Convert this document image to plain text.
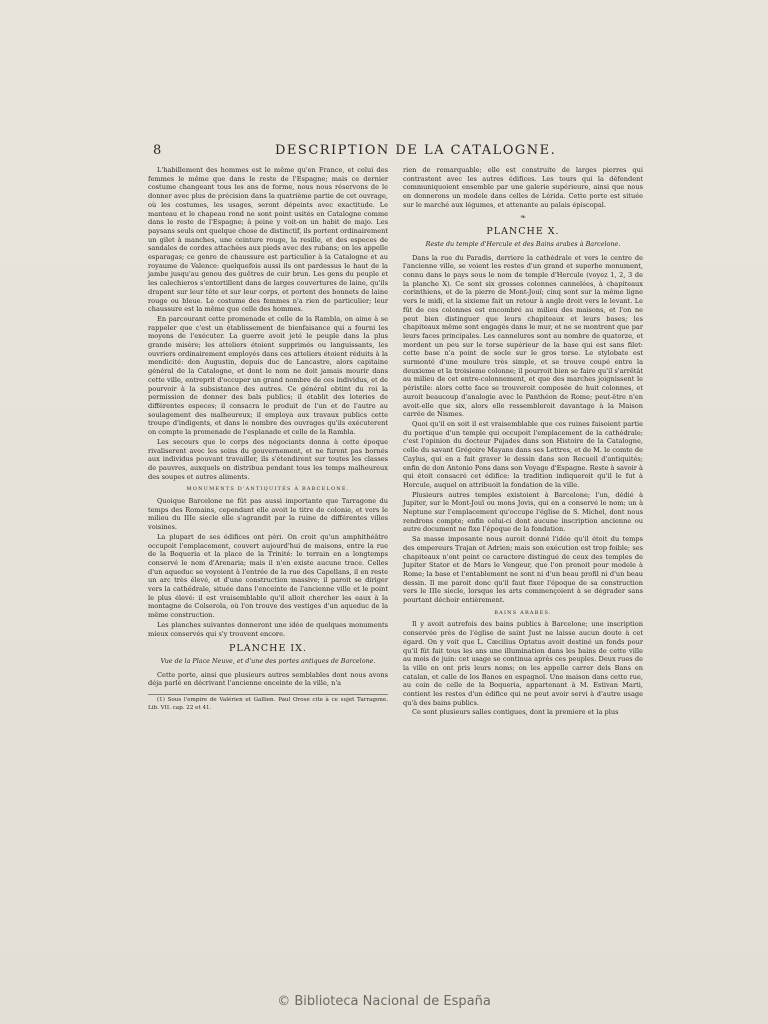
8	DESCRIPTION DE LA CATALOGNE.

L'habillement des hommes est le même qu'en France, et celui des femmes le même que dans le reste de l'Espagne; mais ce dernier costume changeant tous les ans de forme, nous nous réservons de le donner avec plus de précision dans la quatrième partie de cet ouvrage, où les costumes, les usages, seront dépeints avec exactitude. Le manteau et le chapeau rond ne sont point usités en Catalogne comme dans le reste de l'Espagne; à peine y voit-on un habit de majo. Les paysans seuls ont quelque chose de distinctif, ils portent ordinairement un gilet à manches, une ceinture rouge, la resille, et des especes de sandales de cordes attachées aux pieds avec des rubans; on les appelle esparagas; ce genre de chaussure est particulier à la Catalogne et au royaume de Valence: quelquefois aussi ils ont pardessus le haut de la jambe jusqu'au genou des guêtres de cuir brun. Les gens du peuple et les calechieros s'entortillent dans de larges couvertures de laine, qu'ils drapent sur leur tête et sur leur corps, et portent des bonnets de laine rouge ou bleue. Le costume des femmes n'a rien de particulier; leur chaussure est la même que celle des hommes.

En parcourant cette promenade et celle de la Rambla, on aime à se rappeler que c'est un établissement de bienfaisance qui a fourni les moyens de l'exécuter. La guerre avoit jeté le peuple dans la plus grande misère; les atteliers étoient supprimés ou languissants, les ouvriers ordinairement employés dans ces atteliers étoient réduits à la mendicité: don Augustin, depuis duc de Lancastre, alors capitaine général de la Catalogne, et dont le nom ne doit jamais mourir dans cette ville, entreprit d'occuper un grand nombre de ces individus, et de pourvoir à la subsistance des autres. Ce général obtint du roi la permission de donner des bals publics; il établit des loteries de différentes especes; il consacra le produit de l'un et de l'autre au soulagement des malheureux; il employa aux travaux publics cette troupe d'indigents, et dans le nombre des ouvrages qu'ils exécuterent on compte la promenade de l'esplanade et celle de la Rambla.

Les secours que le corps des négociants donna à cette époque rivaliserent avec les soins du gouvernement, et ne furent pas bornés aux individus pouvant travailler, ils s'étendirent sur toutes les classes de pauvres, auxquels on distribua pendant tous les temps malheureux des soupes et autres aliments.

MONUMENTS D'ANTIQUITÉS À BARCELONE.

Quoique Barcelone ne fût pas aussi importante que Tarragone du temps des Romains, cependant elle avoit le titre de colonie, et vers le milieu du IIIe siecle elle s'agrandit par la ruine de différentes villes voisines.

La plupart de ses édifices ont péri. On croit qu'un amphithéâtre occupoit l'emplacement, couvert aujourd'hui de maisons, entre la rue de la Boqueria et la place de la Trinité: le terrain en a longtemps conservé le nom d'Arenaria; mais il n'en existe aucune trace. Celles d'un aqueduc se voyoient à l'entrée de la rue des Capellans, il en reste un arc très élevé, et d'une construction massive; il paroit se diriger vers la cathédrale, située dans l'enceinte de l'ancienne ville et le point le plus élevé: il est vraisemblable qu'il alloit chercher les eaux à la montagne de Colserola, où l'on trouve des vestiges d'un aqueduc de la même construction.

Les planches suivantes donneront une idée de quelques monuments mieux conservés qui s'y trouvent encore.

PLANCHE IX.
Vue de la Place Neuve, et d'une des portes antiques de Barcelone.

Cette porte, ainsi que plusieurs autres semblables dont nous avons déja parlé en décrivant l'ancienne enceinte de la ville, n'a

(1) Sous l'empire de Valérien et Gallien. Paul Orose cite à ce sujet Tarragone. Lib. VII. cap. 22 et 41.

rien de remarquable; elle est construite de larges pierres qui contrastent avec les autres édifices. Les tours qui la défendent communiquoient ensemble par une galerie supérieure, ainsi que nous en donnerons un modele dans celles de Lérida. Cette porte est située sur le marché aux légumes, et attenante au palais épiscopal.

❧
PLANCHE X.
Reste du temple d'Hercule et des Bains arabes à Barcelone.

Dans la rue du Paradis, derriere la cathédrale et vers le centre de l'ancienne ville, se voient les restes d'un grand et superbe monument, connu dans le pays sous le nom de temple d'Hercule (voyez 1, 2, 3 de la planche X). Ce sont six grosses colonnes cannelées, à chapiteaux corinthiens, et de la pierre de Mont-Jouï; cinq sont sur la même ligne vers le midi, et la sixieme fait un retour à angle droit vers le levant. Le fût de ces colonnes est encombré au milieu des maisons, et l'on ne peut bien distinguer que leurs chapiteaux et leurs bases; les chapiteaux même sont engagés dans le mur, et ne se montrent que par leurs faces principales. Les cannelures sont au nombre de quatorze, et mordent un peu sur le torse supérieur de la base qui est sans filet: cette base n'a point de socle sur le gros torse. Le stylobate est surmonté d'une moulure très simple, et se trouve coupé entre la deuxieme et la troisieme colonne; il pourroit bien se faire qu'il s'arrêtât au milieu de cet entre-colonnement, et que des marches joignissent le péristile: alors cette face se trouveroit composée de huit colonnes, et auroit beaucoup d'analogie avec le Panthéon de Rome; peut-être n'en avoit-elle que six, alors elle ressembleroit davantage à la Maison carrée de Nismes.

Quoi qu'il en soit il est vraisemblable que ces ruines faisoient partie du portique d'un temple qui occupoit l'emplacement de la cathédrale; c'est l'opinion du docteur Pujades dans son Histoire de la Catalogne, celle du savant Grégoire Mayans dans ses Lettres, et de M. le comte de Caylus, qui en a fait graver le dessin dans son Recueil d'antiquités; enfin de don Antonio Pons dans son Voyage d'Espagne. Reste à savoir à qui étoit consacré cet édifice: la tradition indiqueroit qu'il le fut à Hercule, auquel on attribuoit la fondation de la ville.

Plusieurs autres temples existoient à Barcelone; l'un, dédié à Jupiter, sur le Mont-Jouï ou mons Jovis, qui en a conservé le nom; un à Neptune sur l'emplacement qu'occupe l'église de S. Michel, dont nous rendrons compte; enfin celui-ci dont aucune inscription ancienne ou autre document ne fixe l'époque de la fondation.

Sa masse imposante nous auroit donné l'idée qu'il étoit du temps des empereurs Trajan et Adrien; mais son exécution est trop foible; ses chapiteaux n'ont point ce caractere distingué de ceux des temples de Jupiter Stator et de Mars le Vengeur, que l'on prenoit pour modele à Rome; la base et l'entablement ne sont ni d'un beau profil ni d'un beau dessin. Il me paroit donc qu'il faut fixer l'époque de sa construction vers le IIIe siecle, lorsque les arts commençoient à se dégrader sans pourtant déchoir entièrement.

BAINS ARABES.

Il y avoit autrefois des bains publics à Barcelone; une inscription conservée près de l'église de saint Just ne laisse aucun doute à cet égard. On y voit que L. Cæcilius Optatus avoit destiné un fonds pour qu'il fût fait tous les ans une illumination dans les bains de cette ville au mois de juin: cet usage se continua après ces peuples. Deux rues de la ville en ont pris leurs noms; on les appelle carrer dels Bans en catalan, et calle de los Banos en espagnol. Une maison dans cette rue, au coin de celle de la Boqueria, appartenant à M. Estivan Marti, contient les restes d'un édifice qui ne peut avoir servi à d'autre usage qu'à des bains publics.

Ce sont plusieurs salles contigues, dont la premiere et la plus

© Biblioteca Nacional de España
